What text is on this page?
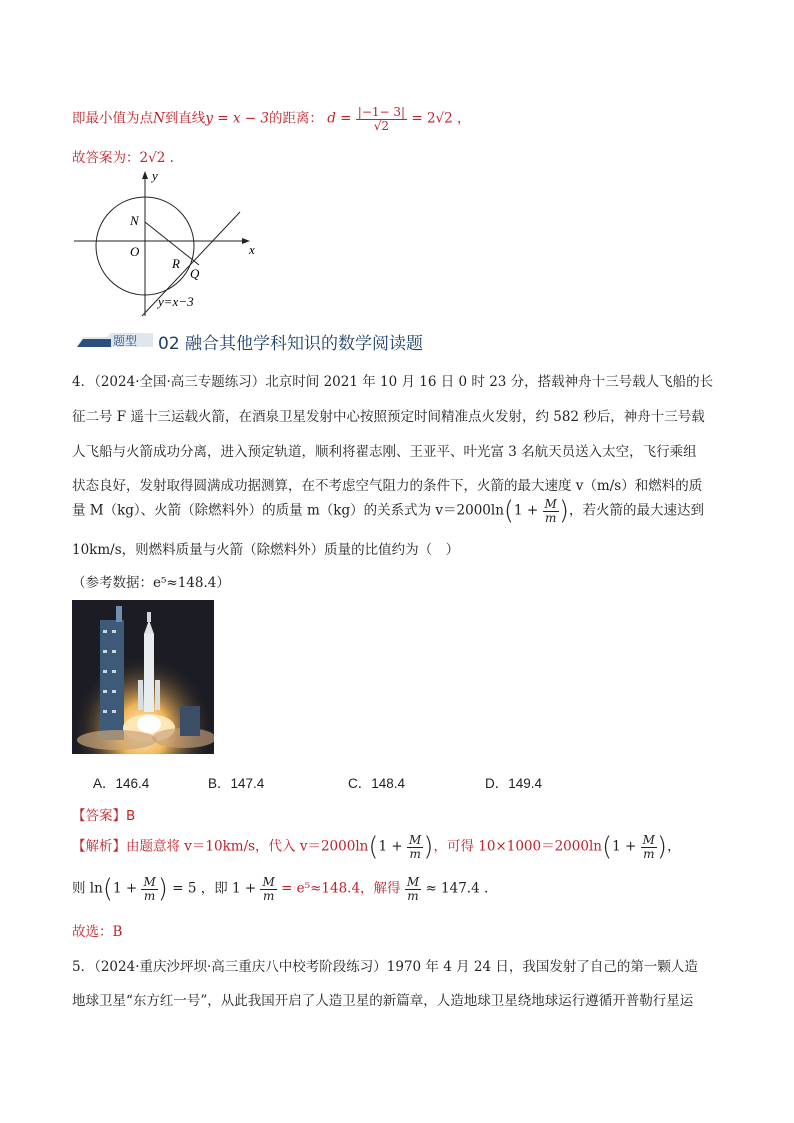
即最小值为点N到直线y = x − 3的距离： $d = \frac{|-1- 3|}{√2} = 2√2$ ，
故答案为：2√2 .
y
x
N
O
R
Q
y=x−3
题型 02 融合其他学科知识的数学阅读题
4．（2024·全国·高三专题练习）北京时间 2021 年 10 月 16 日 0 时 23 分，搭载神舟十三号载人飞船的长
征二号 F 遥十三运载火箭，在酒泉卫星发射中心按照预定时间精准点火发射，约 582 秒后，神舟十三号载
人飞船与火箭成功分离，进入预定轨道，顺利将翟志刚、王亚平、叶光富 3 名航天员送入太空，飞行乘组
状态良好，发射取得圆满成功据测算，在不考虑空气阻力的条件下，火箭的最大速度 v（m/s）和燃料的质
量 M（kg）、火箭（除燃料外）的质量 m（kg）的关系式为 $v=2000\ln(1 + \frac{M}{m}$ )，若火箭的最大速达到
10km/s，则燃料质量与火箭（除燃料外）质量的比值约为（　）
（参考数据：e⁵≈148.4）
A．146.4	B．147.4	C．148.4	D．149.4
【答案】B
【解析】由题意将 v＝10km/s，代入 $v=2000\ln(1 + \frac{M}{m}$ )，可得 $10\times 1000=2000\ln(1 + \frac{M}{m}$ )，
则 $\ln(1 + \frac{M}{m}$ ) = 5 ，即 $1 + \frac{M}{m} = e^5\approx 148.4$，解得 $\frac{M}{m} \approx 147.4$ .
故选：B
5．（2024·重庆沙坪坝·高三重庆八中校考阶段练习）1970 年 4 月 24 日，我国发射了自己的第一颗人造
地球卫星“东方红一号”，从此我国开启了人造卫星的新篇章，人造地球卫星绕地球运行遵循开普勒行星运
